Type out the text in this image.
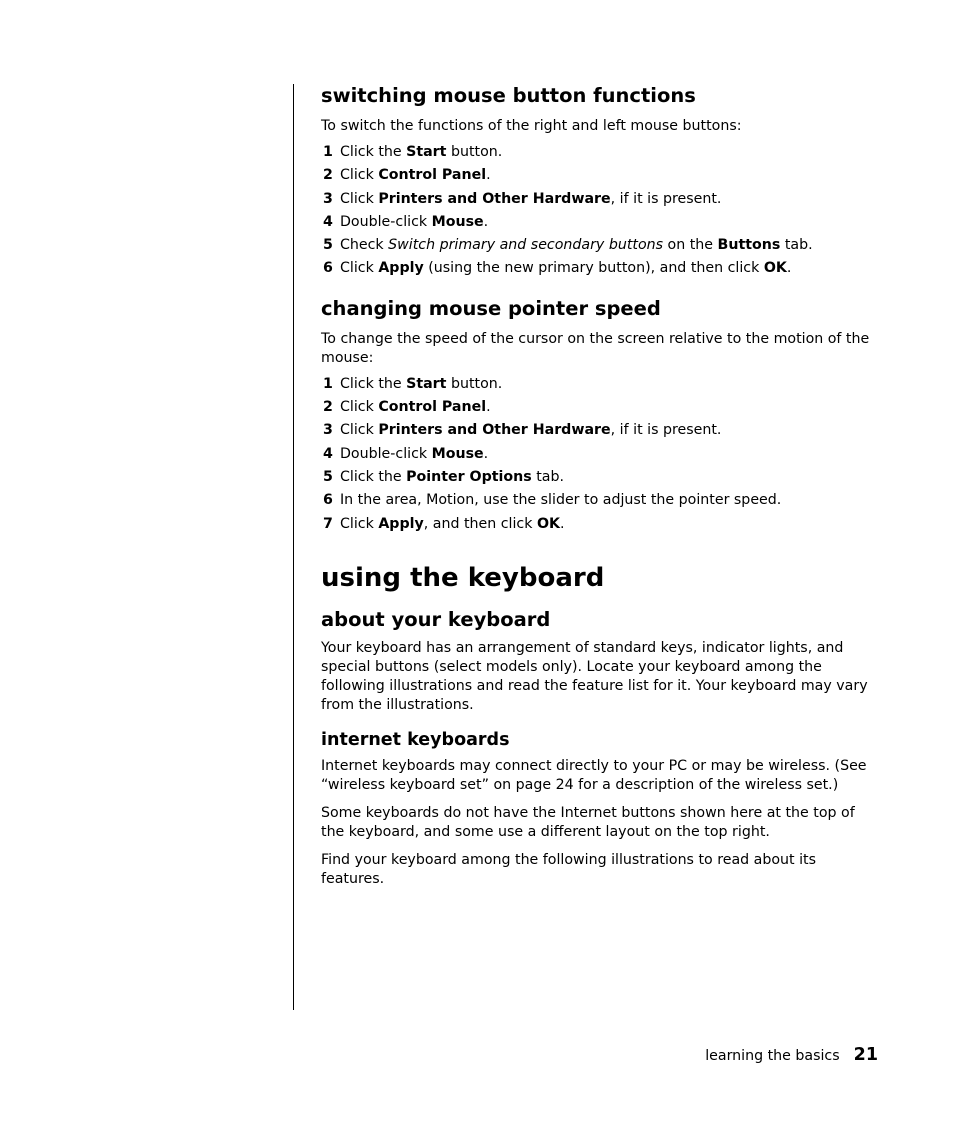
switching mouse button functions

To switch the functions of the right and left mouse buttons:

1 Click the Start button.
2 Click Control Panel.
3 Click Printers and Other Hardware, if it is present.
4 Double-click Mouse.
5 Check Switch primary and secondary buttons on the Buttons tab.
6 Click Apply (using the new primary button), and then click OK.
changing mouse pointer speed

To change the speed of the cursor on the screen relative to the motion of the mouse:

1 Click the Start button.
2 Click Control Panel.
3 Click Printers and Other Hardware, if it is present.
4 Double-click Mouse.
5 Click the Pointer Options tab.
6 In the area, Motion, use the slider to adjust the pointer speed.
7 Click Apply, and then click OK.
using the keyboard
about your keyboard

Your keyboard has an arrangement of standard keys, indicator lights, and special buttons (select models only). Locate your keyboard among the following illustrations and read the feature list for it. Your keyboard may vary from the illustrations.

internet keyboards

Internet keyboards may connect directly to your PC or may be wireless. (See “wireless keyboard set” on page 24 for a description of the wireless set.)

Some keyboards do not have the Internet buttons shown here at the top of the keyboard, and some use a different layout on the top right.

Find your keyboard among the following illustrations to read about its features.

learning the basics 21
